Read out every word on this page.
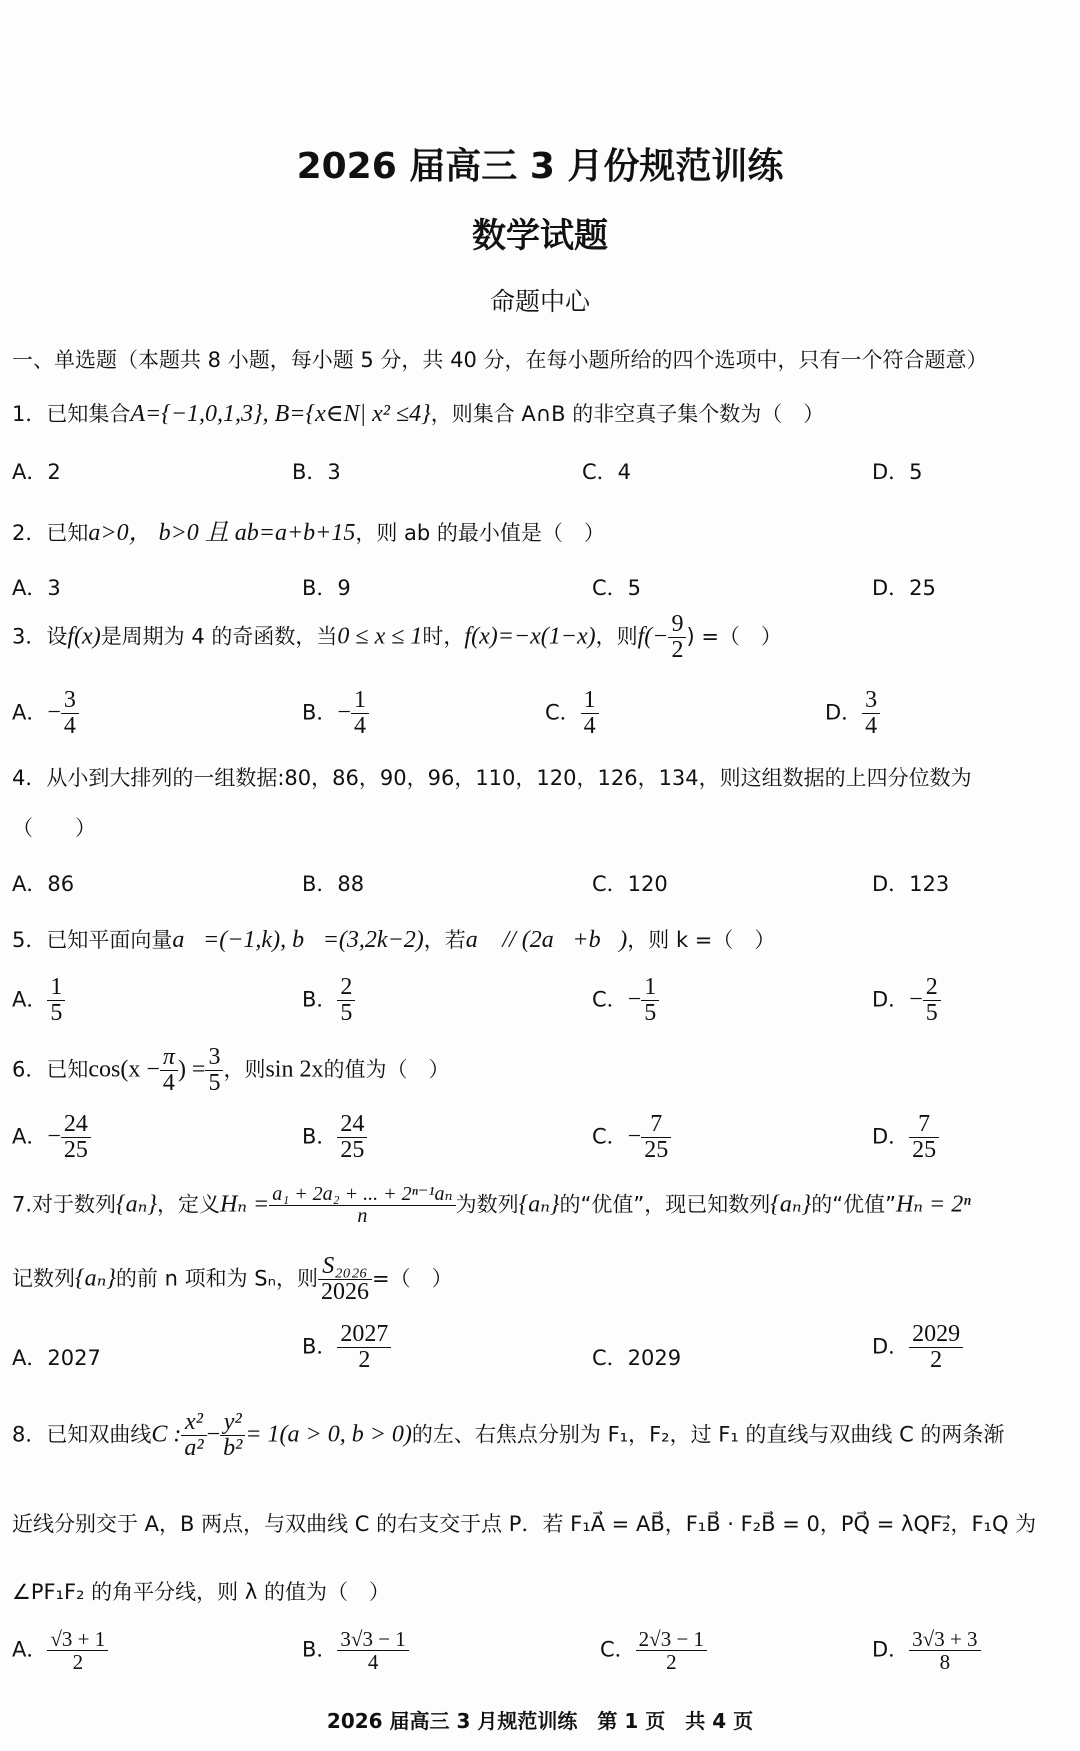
2026 届高三 3 月份规范训练
数学试题
命题中心
一、单选题（本题共 8 小题，每小题 5 分，共 40 分，在每小题所给的四个选项中，只有一个符合题意）
1．已知集合A={−1,0,1,3}, B={x∈N| x² ≤4}，则集合 A∩B 的非空真子集个数为（　）
A．2	B．3	C．4	D．5
2．已知a>0， b>0 且 ab=a+b+15，则 ab 的最小值是（　）
A．3	B．9	C．5	D．25
3．设f(x)是周期为 4 的奇函数，当0 ≤ x ≤ 1时，f(x)=−x(1−x)，则$f(- \frac{9}{2}$ ) =（　）
A．− $\frac{3}{4}$	B．− $\frac{1}{4}$	C． $\frac{1}{4}$	D． $\frac{3}{4}$
4．从小到大排列的一组数据:80，86，90，96，110，120，126，134，则这组数据的上四分位数为
（　　）
A．86	B．88	C．120	D．123
5．已知平面向量a⃗=(−1,k), b⃗=(3,2k−2)，若a⃗ // (2a⃗+b⃗)，则 k =（　）
A． $\frac{1}{5}$	B． $\frac{2}{5}$	C．− $\frac{1}{5}$	D．− $\frac{2}{5}$
6．已知$\cos(x - \frac{\pi}{4}$ ) = $\frac{3}{5}$ ，则sin 2x的值为（　）
A．− $\frac{24}{25}$	B． $\frac{24}{25}$	C．− $\frac{7}{25}$	D． $\frac{7}{25}$
7.对于数列{aₙ}，定义$H_n = \frac{\text{a₁ + 2a₂ + ... + 2ⁿ⁻¹aₙ}}{n}$ 为数列{aₙ}的“优值”，现已知数列{aₙ}的“优值”Hₙ = 2ⁿ
记数列{aₙ}的前 n 项和为 Sₙ，则 $\frac{\text{S₂₀₂₆}}{2026}$ =（　）
A．2027	B． $\frac{2027}{2}$	C．2029	D． $\frac{2029}{2}$
8．已知双曲线C : $\frac{\text{x²}}{\text{a²}} - \frac{\text{y²}}{\text{b²}} = 1(a > 0$, b > 0)的左、右焦点分别为 F₁，F₂，过 F₁ 的直线与双曲线 C 的两条渐
近线分别交于 A，B 两点，与双曲线 C 的右支交于点 P．若 F₁A⃗ = AB⃗，F₁B⃗ · F₂B⃗ = 0，PQ⃗ = λQF₂⃗，F₁Q 为
∠PF₁F₂ 的角平分线，则 λ 的值为（　）
A． $\frac{√3 + 1}{2}$	B． $\frac{3√3 - 1}{4}$	C． $\frac{2√3 - 1}{2}$	D． $\frac{3√3 + 3}{8}$
2026 届高三 3 月规范训练　第 1 页　共 4 页
